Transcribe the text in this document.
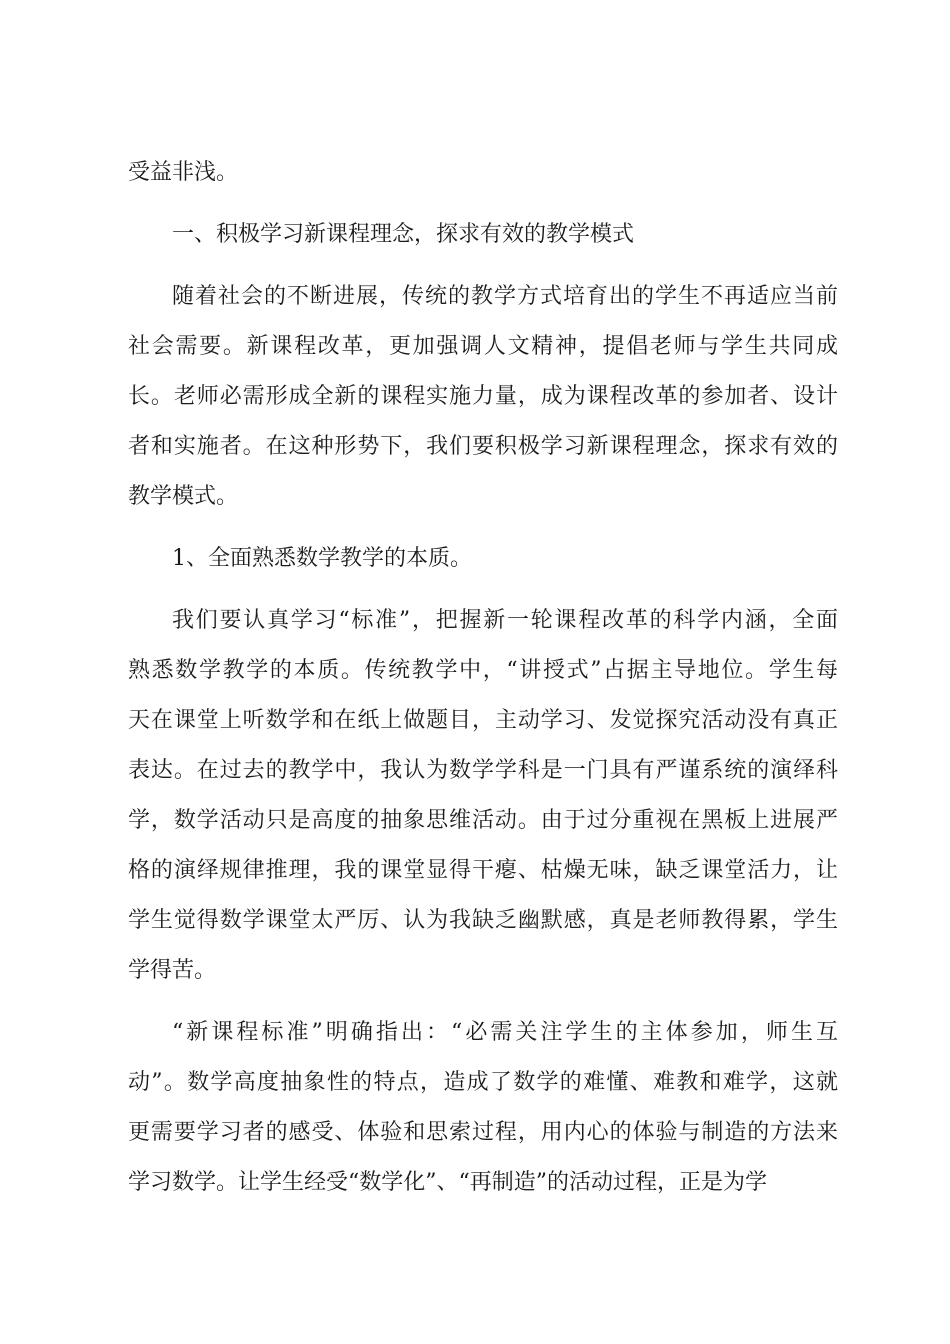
受益非浅。
一、积极学习新课程理念，探求有效的教学模式
随着社会的不断进展，传统的教学方式培育出的学生不再适应当前
社会需要。新课程改革，更加强调人文精神，提倡老师与学生共同成
长。老师必需形成全新的课程实施力量，成为课程改革的参加者、设计
者和实施者。在这种形势下，我们要积极学习新课程理念，探求有效的
教学模式。
1、全面熟悉数学教学的本质。
我们要认真学习“标准”，把握新一轮课程改革的科学内涵，全面
熟悉数学教学的本质。传统教学中，“讲授式”占据主导地位。学生每
天在课堂上听数学和在纸上做题目，主动学习、发觉探究活动没有真正
表达。在过去的教学中，我认为数学学科是一门具有严谨系统的演绎科
学，数学活动只是高度的抽象思维活动。由于过分重视在黑板上进展严
格的演绎规律推理，我的课堂显得干瘪、枯燥无味，缺乏课堂活力，让
学生觉得数学课堂太严厉、认为我缺乏幽默感，真是老师教得累，学生
学得苦。
“新课程标准”明确指出：“必需关注学生的主体参加，师生互
动”。数学高度抽象性的特点，造成了数学的难懂、难教和难学，这就
更需要学习者的感受、体验和思索过程，用内心的体验与制造的方法来
学习数学。让学生经受“数学化”、“再制造”的活动过程，正是为学
